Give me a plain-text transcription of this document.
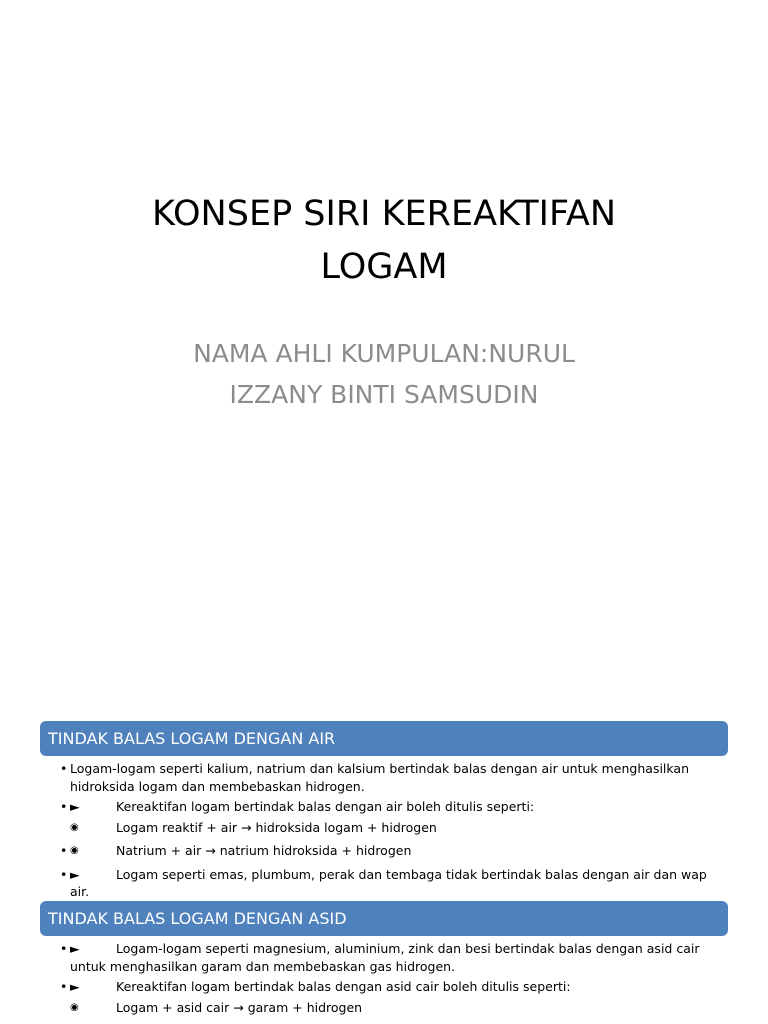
KONSEP SIRI KEREAKTIFAN
LOGAM
NAMA AHLI KUMPULAN:NURUL
IZZANY BINTI SAMSUDIN
TINDAK BALAS LOGAM DENGAN AIR
• Logam-logam seperti kalium, natrium dan kalsium bertindak balas dengan air untuk menghasilkan hidroksida logam dan membebaskan hidrogen.
• ►	Kereaktifan logam bertindak balas dengan air boleh ditulis seperti:
◉	Logam reaktif + air → hidroksida logam + hidrogen
• ◉	Natrium + air → natrium hidroksida + hidrogen
• ►	Logam seperti emas, plumbum, perak dan tembaga tidak bertindak balas dengan air dan wap air.
TINDAK BALAS LOGAM DENGAN ASID
• ►	Logam-logam seperti magnesium, aluminium, zink dan besi bertindak balas dengan asid cair untuk menghasilkan garam dan membebaskan gas hidrogen.
• ►	Kereaktifan logam bertindak balas dengan asid cair boleh ditulis seperti:
◉	Logam + asid cair → garam + hidrogen
